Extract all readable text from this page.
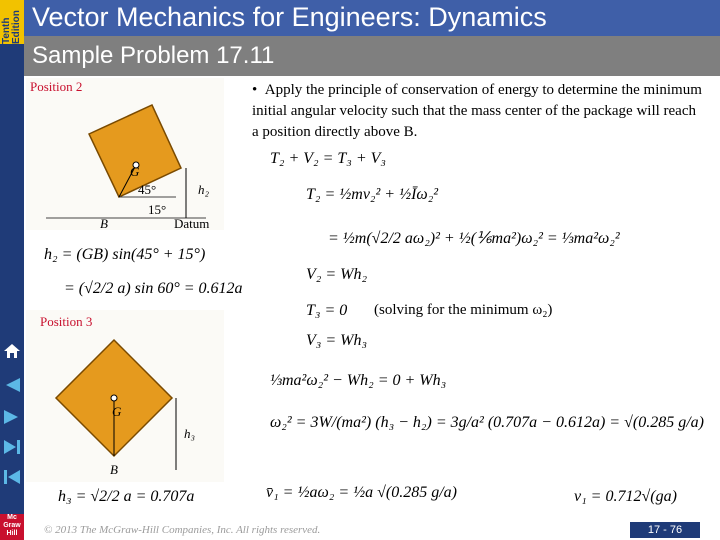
Tenth Edition
Mc Graw Hill
Vector Mechanics for Engineers: Dynamics
Sample Problem 17.11
Position 2
G
45°
15°
B	Datum
h₂
Position 3
G
B
h₃
•  Apply the principle of conservation of energy to determine the minimum initial angular velocity such that the mass center of the package will reach a position directly above B.
T₂ + V₂ = T₃ + V₃
T₂ = ½mv₂² + ½Īω₂²
= ½m(√2/2 aω₂)² + ½(⅙ma²)ω₂² = ⅓ma²ω₂²
V₂ = Wh₂
T₃ = 0 (solving for the minimum ω₂)
V₃ = Wh₃
⅓ma²ω₂² − Wh₂ = 0 + Wh₃
ω₂² = 3W/(ma²) (h₃ − h₂) = 3g/a² (0.707a − 0.612a) = √(0.285 g/a)
v̄₁ = ½aω₂ = ½a √(0.285 g/a)	v₁ = 0.712√(ga)
h₂ = (GB) sin(45° + 15°)
= (√2/2 a) sin 60° = 0.612a
h₃ = √2/2 a = 0.707a
© 2013 The McGraw-Hill Companies, Inc. All rights reserved.	17 - 76
